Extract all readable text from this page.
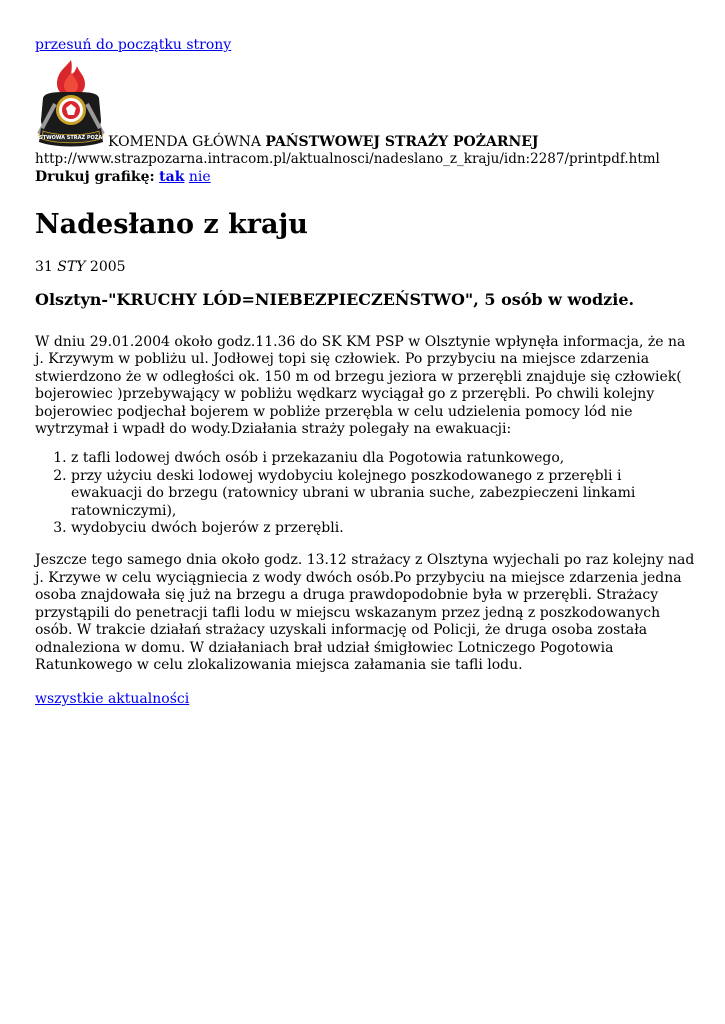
przesuń do początku strony
PAŃSTWOWA STRAŻ POŻARNA
KOMENDA GŁÓWNA PAŃSTWOWEJ STRAŻY POŻARNEJ
http://www.strazpozarna.intracom.pl/aktualnosci/nadeslano_z_kraju/idn:2287/printpdf.html
Drukuj grafikę: tak nie
Nadesłano z kraju
31 STY 2005
Olsztyn-"KRUCHY LÓD=NIEBEZPIECZEŃSTWO", 5 osób w wodzie.

W dniu 29.01.2004 około godz.11.36 do SK KM PSP w Olsztynie wpłynęła informacja, że na j. Krzywym w pobliżu ul. Jodłowej topi się człowiek. Po przybyciu na miejsce zdarzenia stwierdzono że w odległości ok. 150 m od brzegu jeziora w przerębli znajduje się człowiek( bojerowiec )przebywający w pobliżu wędkarz wyciągał go z przerębli. Po chwili kolejny bojerowiec podjechał bojerem w pobliże przerębla w celu udzielenia pomocy lód nie wytrzymał i wpadł do wody.Działania straży polegały na ewakuacji:

1. z tafli lodowej dwóch osób i przekazaniu dla Pogotowia ratunkowego,
2. przy użyciu deski lodowej wydobyciu kolejnego poszkodowanego z przerębli i ewakuacji do brzegu (ratownicy ubrani w ubrania suche, zabezpieczeni linkami ratowniczymi),
3. wydobyciu dwóch bojerów z przerębli.

Jeszcze tego samego dnia około godz. 13.12 strażacy z Olsztyna wyjechali po raz kolejny nad j. Krzywe w celu wyciągniecia z wody dwóch osób.Po przybyciu na miejsce zdarzenia jedna osoba znajdowała się już na brzegu a druga prawdopodobnie była w przerębli. Strażacy przystąpili do penetracji tafli lodu w miejscu wskazanym przez jedną z poszkodowanych osób. W trakcie działań strażacy uzyskali informację od Policji, że druga osoba została odnaleziona w domu. W działaniach brał udział śmigłowiec Lotniczego Pogotowia Ratunkowego w celu zlokalizowania miejsca załamania sie tafli lodu.

wszystkie aktualności
